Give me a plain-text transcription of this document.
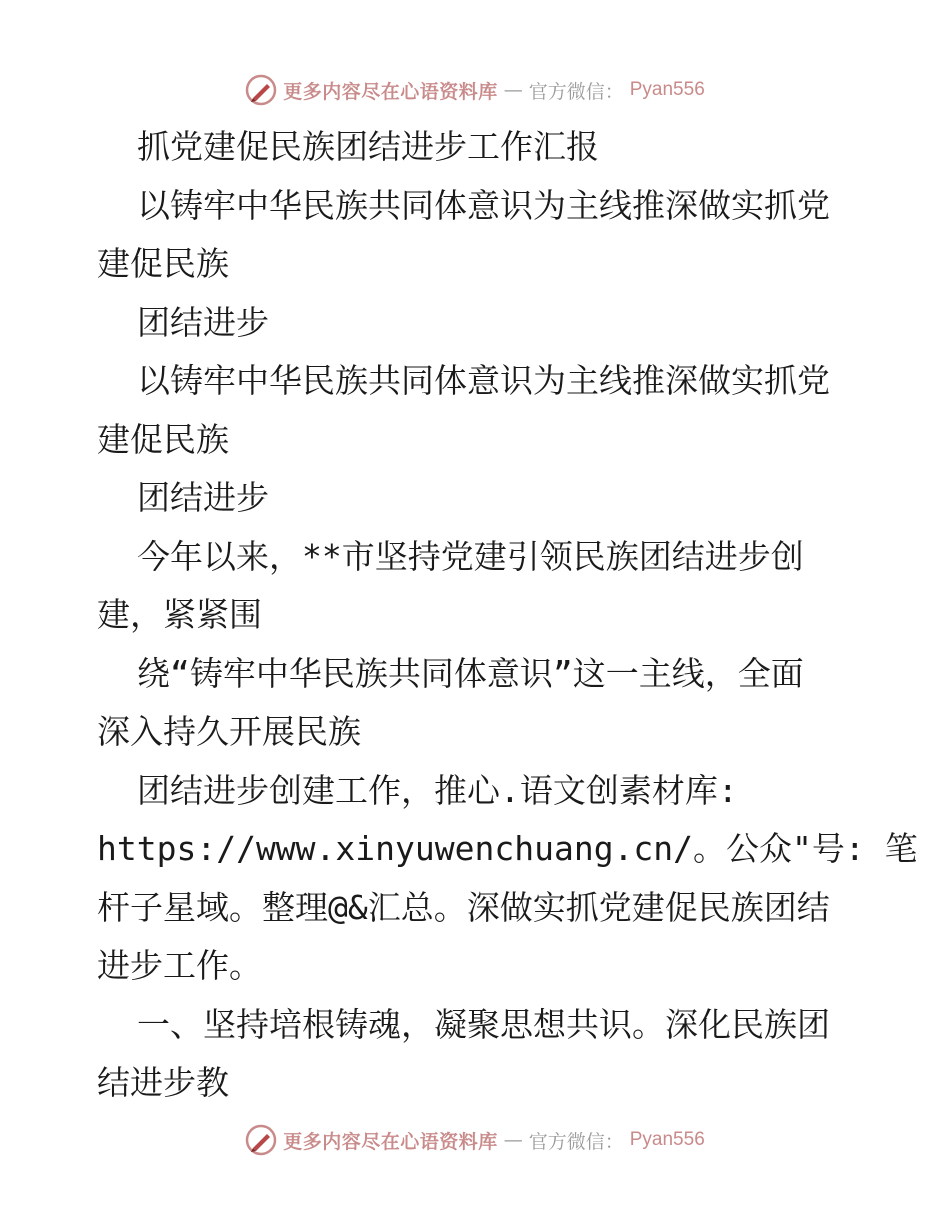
更多内容尽在心语资料库 — 官方微信： Pyan556
抓党建促民族团结进步工作汇报
以铸牢中华民族共同体意识为主线推深做实抓党
建促民族
团结进步
以铸牢中华民族共同体意识为主线推深做实抓党
建促民族
团结进步
今年以来，**市坚持党建引领民族团结进步创
建，紧紧围
绕“铸牢中华民族共同体意识”这一主线，全面
深入持久开展民族
团结进步创建工作，推心.语文创素材库:
https://www.xinyuwenchuang.cn/。公众"号: 笔
杆子星域。整理@&汇总。深做实抓党建促民族团结
进步工作。
一、坚持培根铸魂，凝聚思想共识。深化民族团
结进步教
更多内容尽在心语资料库 — 官方微信： Pyan556
